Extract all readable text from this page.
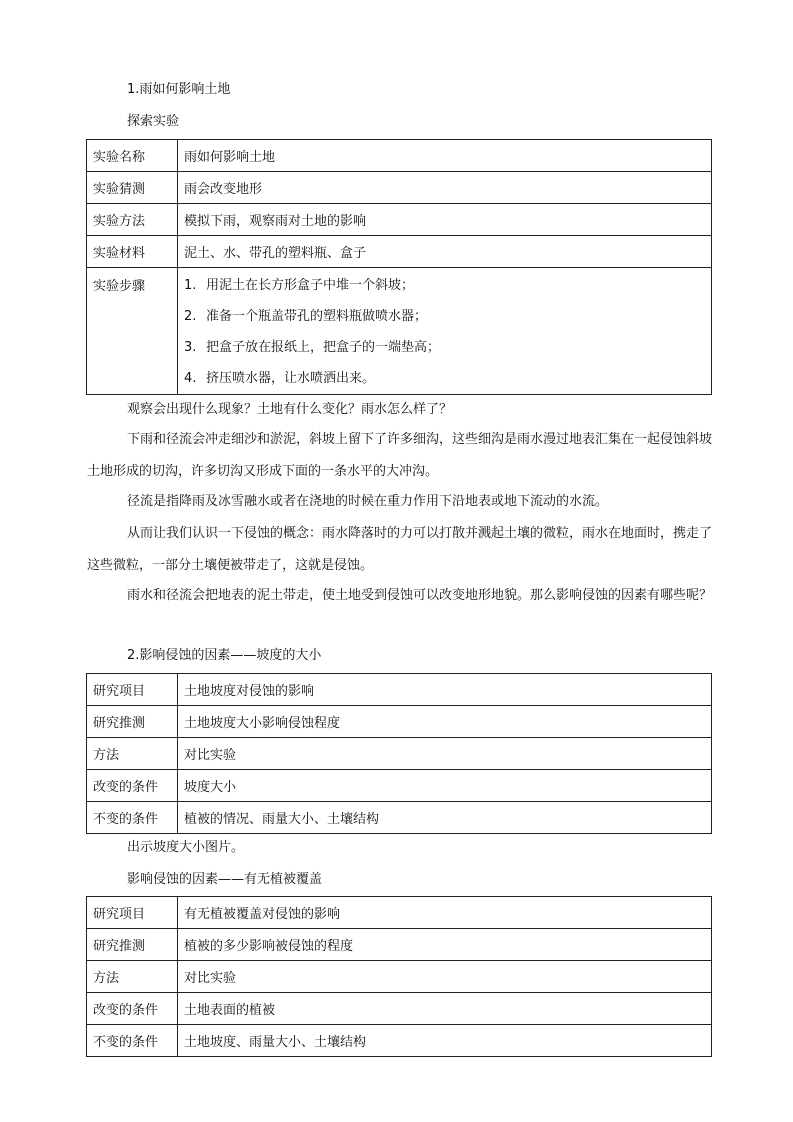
1.雨如何影响土地

探索实验

实验名称	雨如何影响土地
实验猜测	雨会改变地形
实验方法	模拟下雨，观察雨对土地的影响
实验材料	泥土、水、带孔的塑料瓶、盒子
实验步骤	1. 用泥土在长方形盒子中堆一个斜坡；
2. 准备一个瓶盖带孔的塑料瓶做喷水器；
3. 把盒子放在报纸上，把盒子的一端垫高；
4. 挤压喷水器，让水喷洒出来。

观察会出现什么现象？土地有什么变化？雨水怎么样了？

下雨和径流会冲走细沙和淤泥，斜坡上留下了许多细沟，这些细沟是雨水漫过地表汇集在一起侵蚀斜坡土地形成的切沟，许多切沟又形成下面的一条水平的大冲沟。

径流是指降雨及冰雪融水或者在浇地的时候在重力作用下沿地表或地下流动的水流。

从而让我们认识一下侵蚀的概念：雨水降落时的力可以打散并溅起土壤的微粒，雨水在地面时，携走了这些微粒，一部分土壤便被带走了，这就是侵蚀。

雨水和径流会把地表的泥土带走，使土地受到侵蚀可以改变地形地貌。那么影响侵蚀的因素有哪些呢？

2.影响侵蚀的因素——坡度的大小

研究项目	土地坡度对侵蚀的影响
研究推测	土地坡度大小影响侵蚀程度
方法	对比实验
改变的条件	坡度大小
不变的条件	植被的情况、雨量大小、土壤结构

出示坡度大小图片。

影响侵蚀的因素——有无植被覆盖

研究项目	有无植被覆盖对侵蚀的影响
研究推测	植被的多少影响被侵蚀的程度
方法	对比实验
改变的条件	土地表面的植被
不变的条件	土地坡度、雨量大小、土壤结构
